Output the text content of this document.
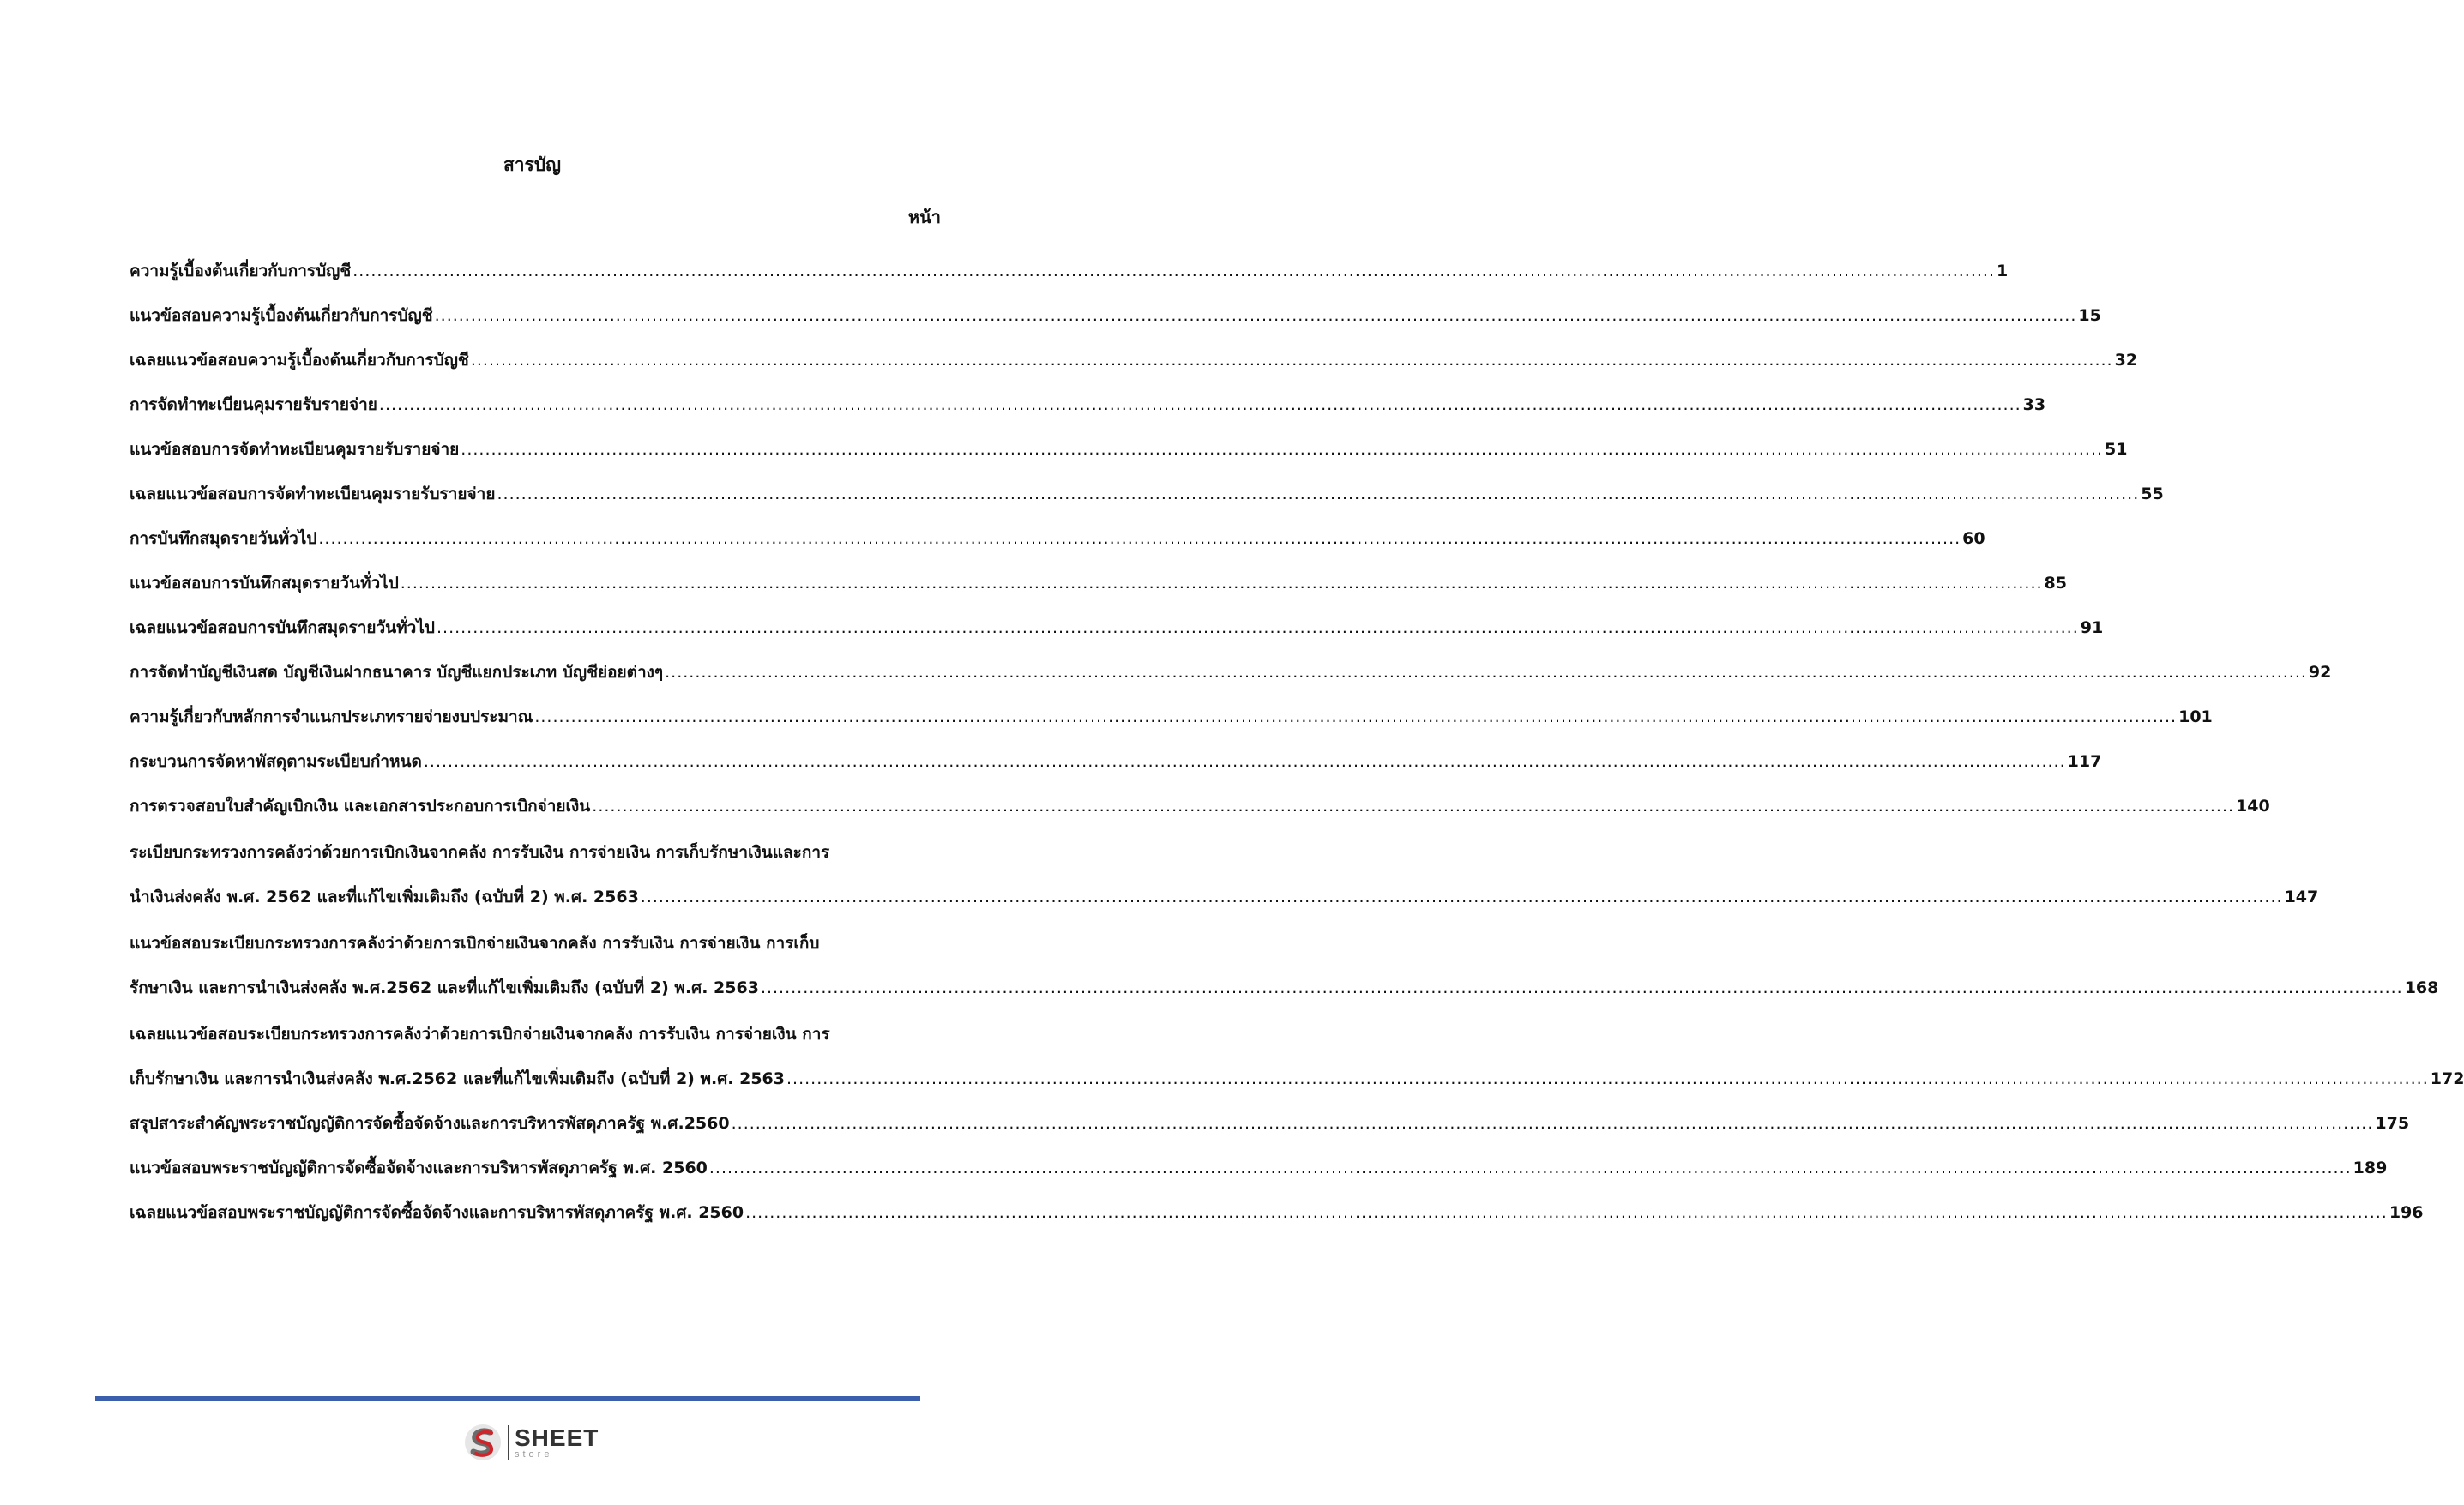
สารบัญ
หน้า
ความรู้เบื้องต้นเกี่ยวกับการบัญชี .....	1
แนวข้อสอบความรู้เบื้องต้นเกี่ยวกับการบัญชี .....	15
เฉลยแนวข้อสอบความรู้เบื้องต้นเกี่ยวกับการบัญชี .....	32
การจัดทำทะเบียนคุมรายรับรายจ่าย .....	33
แนวข้อสอบการจัดทำทะเบียนคุมรายรับรายจ่าย .....	51
เฉลยแนวข้อสอบการจัดทำทะเบียนคุมรายรับรายจ่าย .....	55
การบันทึกสมุดรายวันทั่วไป .....	60
แนวข้อสอบการบันทึกสมุดรายวันทั่วไป .....	85
เฉลยแนวข้อสอบการบันทึกสมุดรายวันทั่วไป .....	91
การจัดทำบัญชีเงินสด บัญชีเงินฝากธนาคาร บัญชีแยกประเภท บัญชีย่อยต่างๆ .....	92
ความรู้เกี่ยวกับหลักการจำแนกประเภทรายจ่ายงบประมาณ .....	101
กระบวนการจัดหาพัสดุตามระเบียบกำหนด .....	117
การตรวจสอบใบสำคัญเบิกเงิน และเอกสารประกอบการเบิกจ่ายเงิน .....	140
ระเบียบกระทรวงการคลังว่าด้วยการเบิกเงินจากคลัง การรับเงิน การจ่ายเงิน การเก็บรักษาเงินและการ
นำเงินส่งคลัง พ.ศ. 2562 และที่แก้ไขเพิ่มเติมถึง (ฉบับที่ 2) พ.ศ. 2563 .....	147
แนวข้อสอบระเบียบกระทรวงการคลังว่าด้วยการเบิกจ่ายเงินจากคลัง การรับเงิน การจ่ายเงิน การเก็บ
รักษาเงิน และการนำเงินส่งคลัง พ.ศ.2562 และที่แก้ไขเพิ่มเติมถึง (ฉบับที่ 2) พ.ศ. 2563 .....	168
เฉลยแนวข้อสอบระเบียบกระทรวงการคลังว่าด้วยการเบิกจ่ายเงินจากคลัง การรับเงิน การจ่ายเงิน การ
เก็บรักษาเงิน และการนำเงินส่งคลัง พ.ศ.2562 และที่แก้ไขเพิ่มเติมถึง (ฉบับที่ 2) พ.ศ. 2563 .....	172
สรุปสาระสำคัญพระราชบัญญัติการจัดซื้อจัดจ้างและการบริหารพัสดุภาครัฐ พ.ศ.2560 .....	175
แนวข้อสอบพระราชบัญญัติการจัดซื้อจัดจ้างและการบริหารพัสดุภาครัฐ พ.ศ. 2560 .....	189
เฉลยแนวข้อสอบพระราชบัญญัติการจัดซื้อจัดจ้างและการบริหารพัสดุภาครัฐ พ.ศ. 2560 .....	196
SHEET
store
